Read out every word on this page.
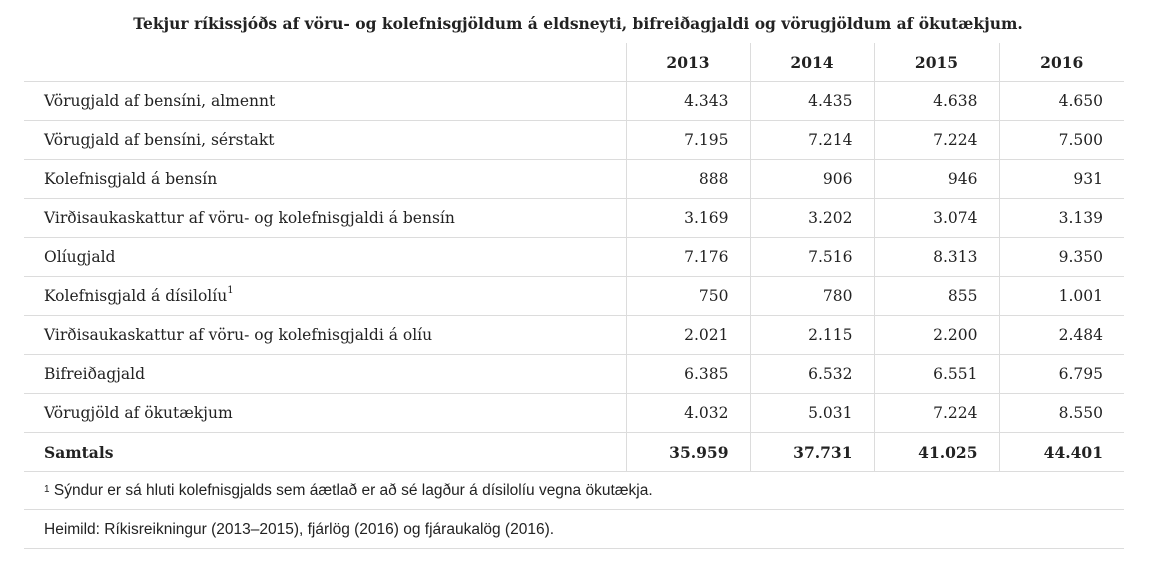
Tekjur ríkissjóðs af vöru- og kolefnisgjöldum á eldsneyti, bifreiðagjaldi og vörugjöldum af ökutækjum.
	2013	2014	2015	2016
Vörugjald af bensíni, almennt	4.343	4.435	4.638	4.650
Vörugjald af bensíni, sérstakt	7.195	7.214	7.224	7.500
Kolefnisgjald á bensín	888	906	946	931
Virðisaukaskattur af vöru- og kolefnisgjaldi á bensín	3.169	3.202	3.074	3.139
Olíugjald	7.176	7.516	8.313	9.350
Kolefnisgjald á dísilolíu$^1$	750	780	855	1.001
Virðisaukaskattur af vöru- og kolefnisgjaldi á olíu	2.021	2.115	2.200	2.484
Bifreiðagjald	6.385	6.532	6.551	6.795
Vörugjöld af ökutækjum	4.032	5.031	7.224	8.550
Samtals	35.959	37.731	41.025	44.401
$^1$ Sýndur er sá hluti kolefnisgjalds sem áætlað er að sé lagður á dísilolíu vegna ökutækja.
Heimild: Ríkisreikningur (2013–2015), fjárlög (2016) og fjáraukalög (2016).
